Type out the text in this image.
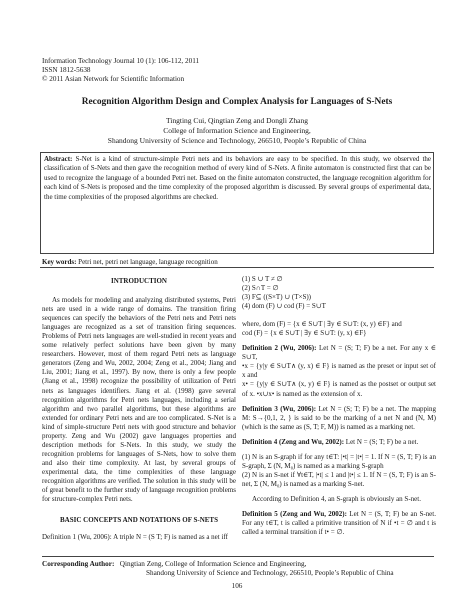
Information Technology Journal 10 (1): 106-112, 2011
ISSN 1812-5638
© 2011 Asian Network for Scientific Information
Recognition Algorithm Design and Complex Analysis for Languages of S-Nets
Tingting Cui, Qingtian Zeng and Dongli Zhang
College of Information Science and Engineering,
Shandong University of Science and Technology, 266510, People’s Republic of China
Abstract: S-Net is a kind of structure-simple Petri nets and its behaviors are easy to be specified. In this study, we observed the classification of S-Nets and then gave the recognition method of every kind of S-Nets. A finite automaton is constructed first that can be used to recognize the language of a bounded Petri net. Based on the finite automaton constructed, the language recognition algorithm for each kind of S-Nets is proposed and the time complexity of the proposed algorithm is discussed. By several groups of experimental data, the time complexities of the proposed algorithms are checked.
Key words: Petri net, petri net language, language recognition
INTRODUCTION

As models for modeling and analyzing distributed systems, Petri nets are used in a wide range of domains. The transition firing sequences can specify the behaviors of the Petri nets and Petri nets languages are recognized as a set of transition firing sequences. Problems of Petri nets languages are well-studied in recent years and some relatively perfect solutions have been given by many researchers. However, most of them regard Petri nets as language generators (Zeng and Wu, 2002, 2004; Zeng et al., 2004; Jiang and Liu, 2001; Jiang et al., 1997). By now, there is only a few people (Jiang et al., 1998) recognize the possibility of utilization of Petri nets as languages identifiers. Jiang et al. (1998) gave several recognition algorithms for Petri nets languages, including a serial algorithm and two parallel algorithms, but these algorithms are extended for ordinary Petri nets and are too complicated. S-Net is a kind of simple-structure Petri nets with good structure and behavior property. Zeng and Wu (2002) gave languages properties and description methods for S-Nets. In this study, we study the recognition problems for languages of S-Nets, how to solve them and also their time complexity. At last, by several groups of experimental data, the time complexities of these language recognition algorithms are verified. The solution in this study will be of great benefit to the further study of language recognition problems for structure-complex Petri nets.

BASIC CONCEPTS AND NOTATIONS OF S-NETS

Definition 1 (Wu, 2006): A triple N = (S T; F) is named as a net iff

(1) S ∪ T ≠ ∅
(2) S∩T = ∅
(3) F⊆ ((S×T) ∪ (T×S))
(4) dom (F) ∪ cod (F) = S∪T
where, dom (F) = {x ∈ S∪T | ∃y ∈ S∪T: (x, y) ∈F} and
cod (F) = {x ∈ S∪T | ∃y ∈ S∪T: (y, x) ∈F}

Definition 2 (Wu, 2006): Let N = (S; T; F) be a net. For any x ∈ S∪T,

•x = {y|y ∈ S∪T∧ (y, x) ∈ F} is named as the preset or input set of x and

x• = {y|y ∈ S∪T∧ (x, y) ∈ F} is named as the postset or output set of x. •x∪x• is named as the extension of x.

Definition 3 (Wu, 2006): Let N = (S; T; F) be a net. The mapping M: S→{0,1, 2, } is said to be the marking of a net N and (N, M) (which is the same as (S, T; F, M)) is named as a marking net.

Definition 4 (Zeng and Wu, 2002): Let N = (S; T; F) be a net.

(1) N is an S-graph if for any t∈T: |•t| = |t•| = 1. If N = (S, T; F) is an S-graph, Σ (N, M₀) is named as a marking S-graph

(2) N is an S-net if ∀t∈T, |•t| ≤ 1 and |t•| ≤ 1. If N = (S, T; F) is an S-net, Σ (N, M₀) is named as a marking S-net.

According to Definition 4, an S-graph is obviously an S-net.

Definition 5 (Zeng and Wu, 2002): Let N = (S, T; F) be an S-net. For any t∈T, t is called a primitive transition of N if •t = ∅ and t is called a terminal transition if t• = ∅.

Corresponding Author: Qingtian Zeng, College of Information Science and Engineering,
Shandong University of Science and Technology, 266510, People’s Republic of China
106
